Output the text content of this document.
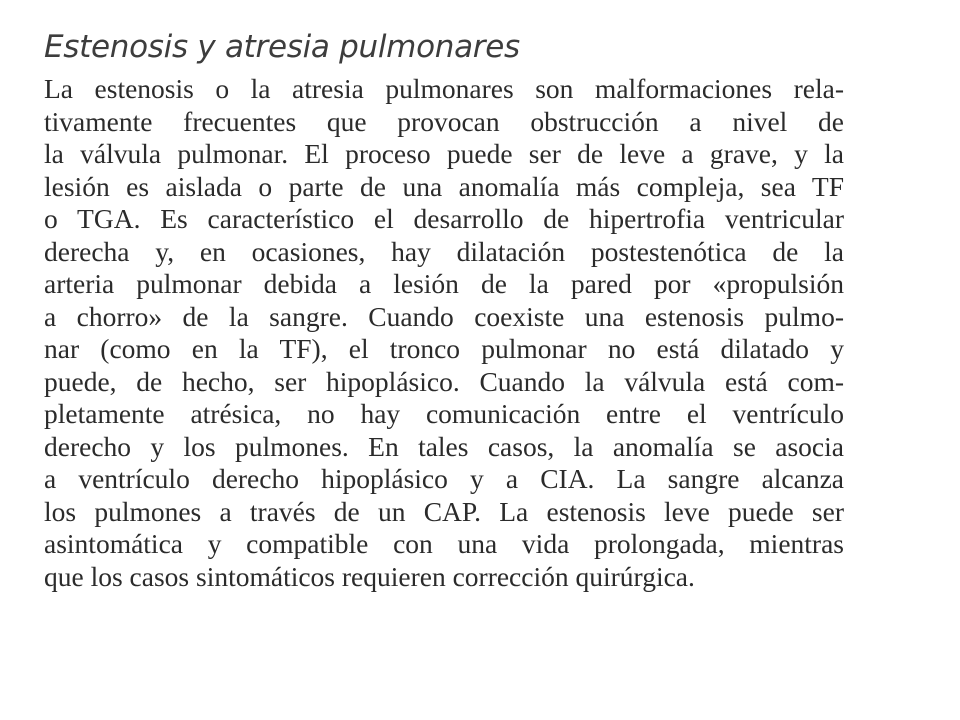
Estenosis y atresia pulmonares
La estenosis o la atresia pulmonares son malformaciones rela-
tivamente frecuentes que provocan obstrucción a nivel de
la válvula pulmonar. El proceso puede ser de leve a grave, y la
lesión es aislada o parte de una anomalía más compleja, sea TF
o TGA. Es característico el desarrollo de hipertrofia ventricular
derecha y, en ocasiones, hay dilatación postestenótica de la
arteria pulmonar debida a lesión de la pared por «propulsión
a chorro» de la sangre. Cuando coexiste una estenosis pulmo-
nar (como en la TF), el tronco pulmonar no está dilatado y
puede, de hecho, ser hipoplásico. Cuando la válvula está com-
pletamente atrésica, no hay comunicación entre el ventrículo
derecho y los pulmones. En tales casos, la anomalía se asocia
a ventrículo derecho hipoplásico y a CIA. La sangre alcanza
los pulmones a través de un CAP. La estenosis leve puede ser
asintomática y compatible con una vida prolongada, mientras
que los casos sintomáticos requieren corrección quirúrgica.
